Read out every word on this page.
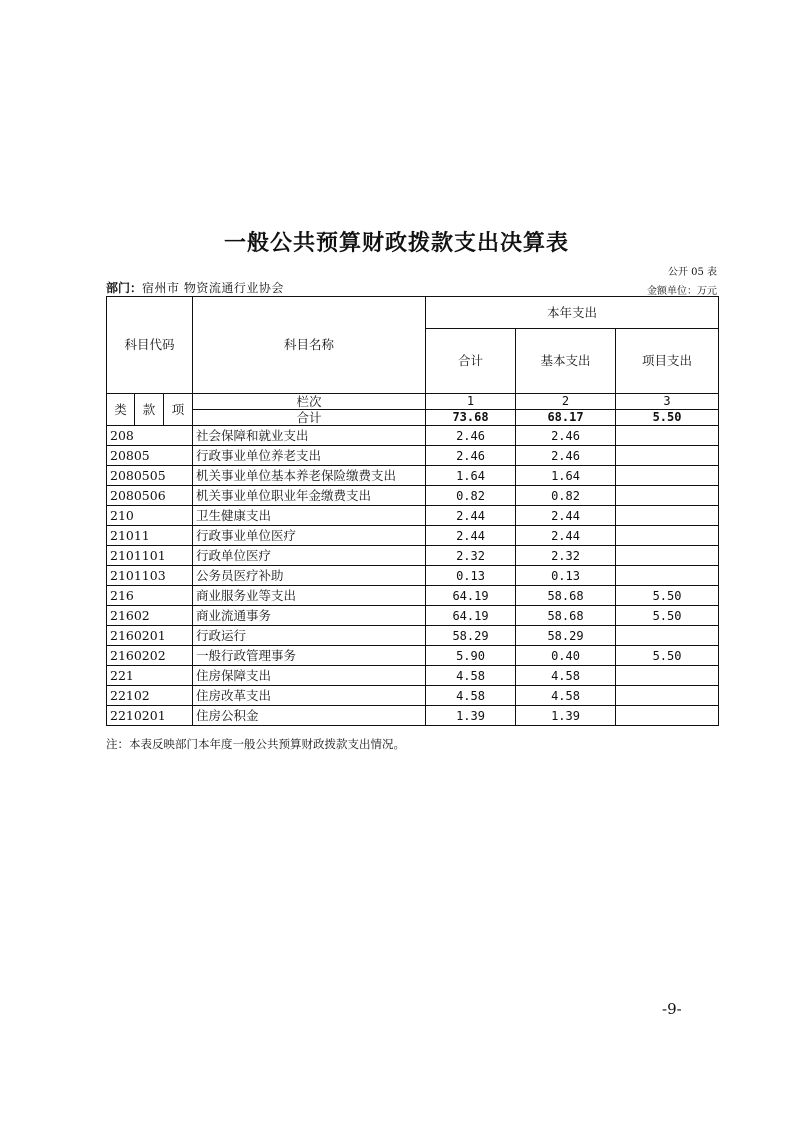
一般公共预算财政拨款支出决算表
公开 05 表
部门：宿州市 物资流通行业协会	金额单位：万元
科目代码			科目名称	本年支出		
				合计	基本支出	项目支出
类	款	项	栏次	1	2	3
			合计	73.68	68.17	5.50
208			社会保障和就业支出	2.46	2.46	
20805			行政事业单位养老支出	2.46	2.46	
2080505			机关事业单位基本养老保险缴费支出	1.64	1.64	
2080506			机关事业单位职业年金缴费支出	0.82	0.82	
210			卫生健康支出	2.44	2.44	
21011			行政事业单位医疗	2.44	2.44	
2101101			行政单位医疗	2.32	2.32	
2101103			公务员医疗补助	0.13	0.13	
216			商业服务业等支出	64.19	58.68	5.50
21602			商业流通事务	64.19	58.68	5.50
2160201			行政运行	58.29	58.29	
2160202			一般行政管理事务	5.90	0.40	5.50
221			住房保障支出	4.58	4.58	
22102			住房改革支出	4.58	4.58	
2210201			住房公积金	1.39	1.39	
注：本表反映部门本年度一般公共预算财政拨款支出情况。
-9-
